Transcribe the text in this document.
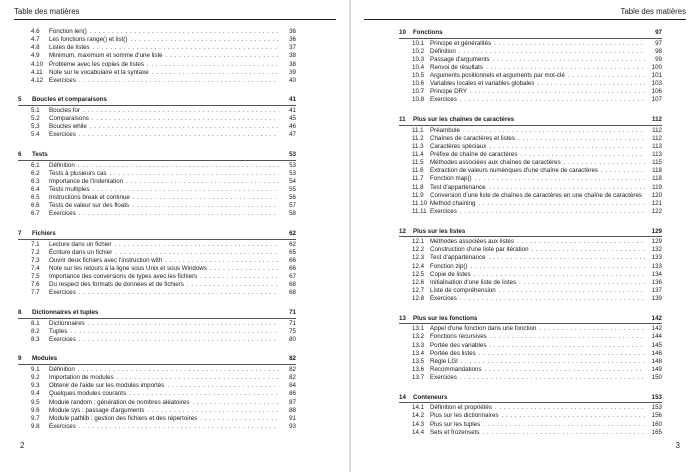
Table des matières
4.6	Fonction len() . . .	36
4.7	Les fonctions range() et list() . . .	36
4.8	Listes de listes . . .	37
4.9	Minimum, maximum et somme d'une liste . . .	38
4.10 Problème avec les copies de listes . . .	38
4.11	Note sur le vocabulaire et la syntaxe . . .	39
4.12 Exercices . . .	40
5	Boucles et comparaisons	41
5.1	Boucles for . . .	41
5.2	Comparaisons . . .	45
5.3	Boucles while . . .	46
5.4	Exercices . . .	47
6	Tests	53
6.1	Définition . . .	53
6.2	Tests à plusieurs cas . . .	53
6.3	Importance de l'indentation . . .	54
6.4	Tests multiples . . .	55
6.5	Instructions break et continue . . .	56
6.6	Tests de valeur sur des floats . . .	57
6.7	Exercices . . .	58
7	Fichiers	62
7.1	Lecture dans un fichier . . .	62
7.2	Écriture dans un fichier . . .	65
7.3	Ouvrir deux fichiers avec l'instruction with . . .	66
7.4	Note sur les retours à la ligne sous Unix et sous Windows . . .	66
7.5	Importance des conversions de types avec les fichiers . . .	67
7.6	Du respect des formats de données et de fichiers . . .	68
7.7	Exercices . . .	68
8	Dictionnaires et tuples	71
8.1	Dictionnaires . . .	71
8.2	Tuples . . .	75
8.3	Exercices . . .	80
9	Modules	82
9.1	Définition . . .	82
9.2	Importation de modules . . .	82
9.3	Obtenir de l'aide sur les modules importés . . .	84
9.4	Quelques modules courants . . .	86
9.5	Module random : génération de nombres aléatoires . . .	87
9.6	Module sys : passage d'arguments . . .	88
9.7	Module pathlib : gestion des fichiers et des répertoires . . .	91
9.8	Exercices . . .	93
2
Table des matières
10	Fonctions	97
10.1 Principe et généralités . . .	97
10.2 Définition . . .	98
10.3 Passage d'arguments . . .	99
10.4 Renvoi de résultats . . .	100
10.5 Arguments positionnels et arguments par mot-clé . . .	101
10.6 Variables locales et variables globales . . .	103
10.7 Principe DRY . . .	106
10.8 Exercices . . .	107
11	Plus sur les chaînes de caractères	112
11.1	Préambule . . .	112
11.2	Chaînes de caractères et listes . . .	112
11.3	Caractères spéciaux . . .	113
11.4	Préfixe de chaîne de caractères . . .	113
11.5	Méthodes associées aux chaînes de caractères . . .	115
11.6	Extraction de valeurs numériques d'une chaîne de caractères . . .	118
11.7	Fonction map() . . .	118
11.8	Test d'appartenance . . .	119
11.9	Conversion d'une liste de chaînes de caractères en une chaîne de caractères	120
11.10 Method chaining . . .	121
11.11 Exercices . . .	122
12	Plus sur les listes	129
12.1 Méthodes associées aux listes . . .	129
12.2 Construction d'une liste par itération . . .	132
12.3 Test d'appartenance . . .	133
12.4 Fonction zip() . . .	133
12.5 Copie de listes . . .	134
12.6 Initialisation d'une liste de listes . . .	136
12.7 Liste de compréhension . . .	137
12.8 Exercices . . .	139
13	Plus sur les fonctions	142
13.1 Appel d'une fonction dans une fonction . . .	142
13.2 Fonctions récursives . . .	144
13.3 Portée des variables . . .	145
13.4 Portée des listes . . .	146
13.5 Règle LGI . . .	148
13.6 Recommandations . . .	149
13.7 Exercices . . .	150
14	Conteneurs	153
14.1 Définition et propriétés . . .	153
14.2 Plus sur les dictionnaires . . .	156
14.3 Plus sur les tuples . . .	160
14.4 Sets et frozensets . . .	165
3
